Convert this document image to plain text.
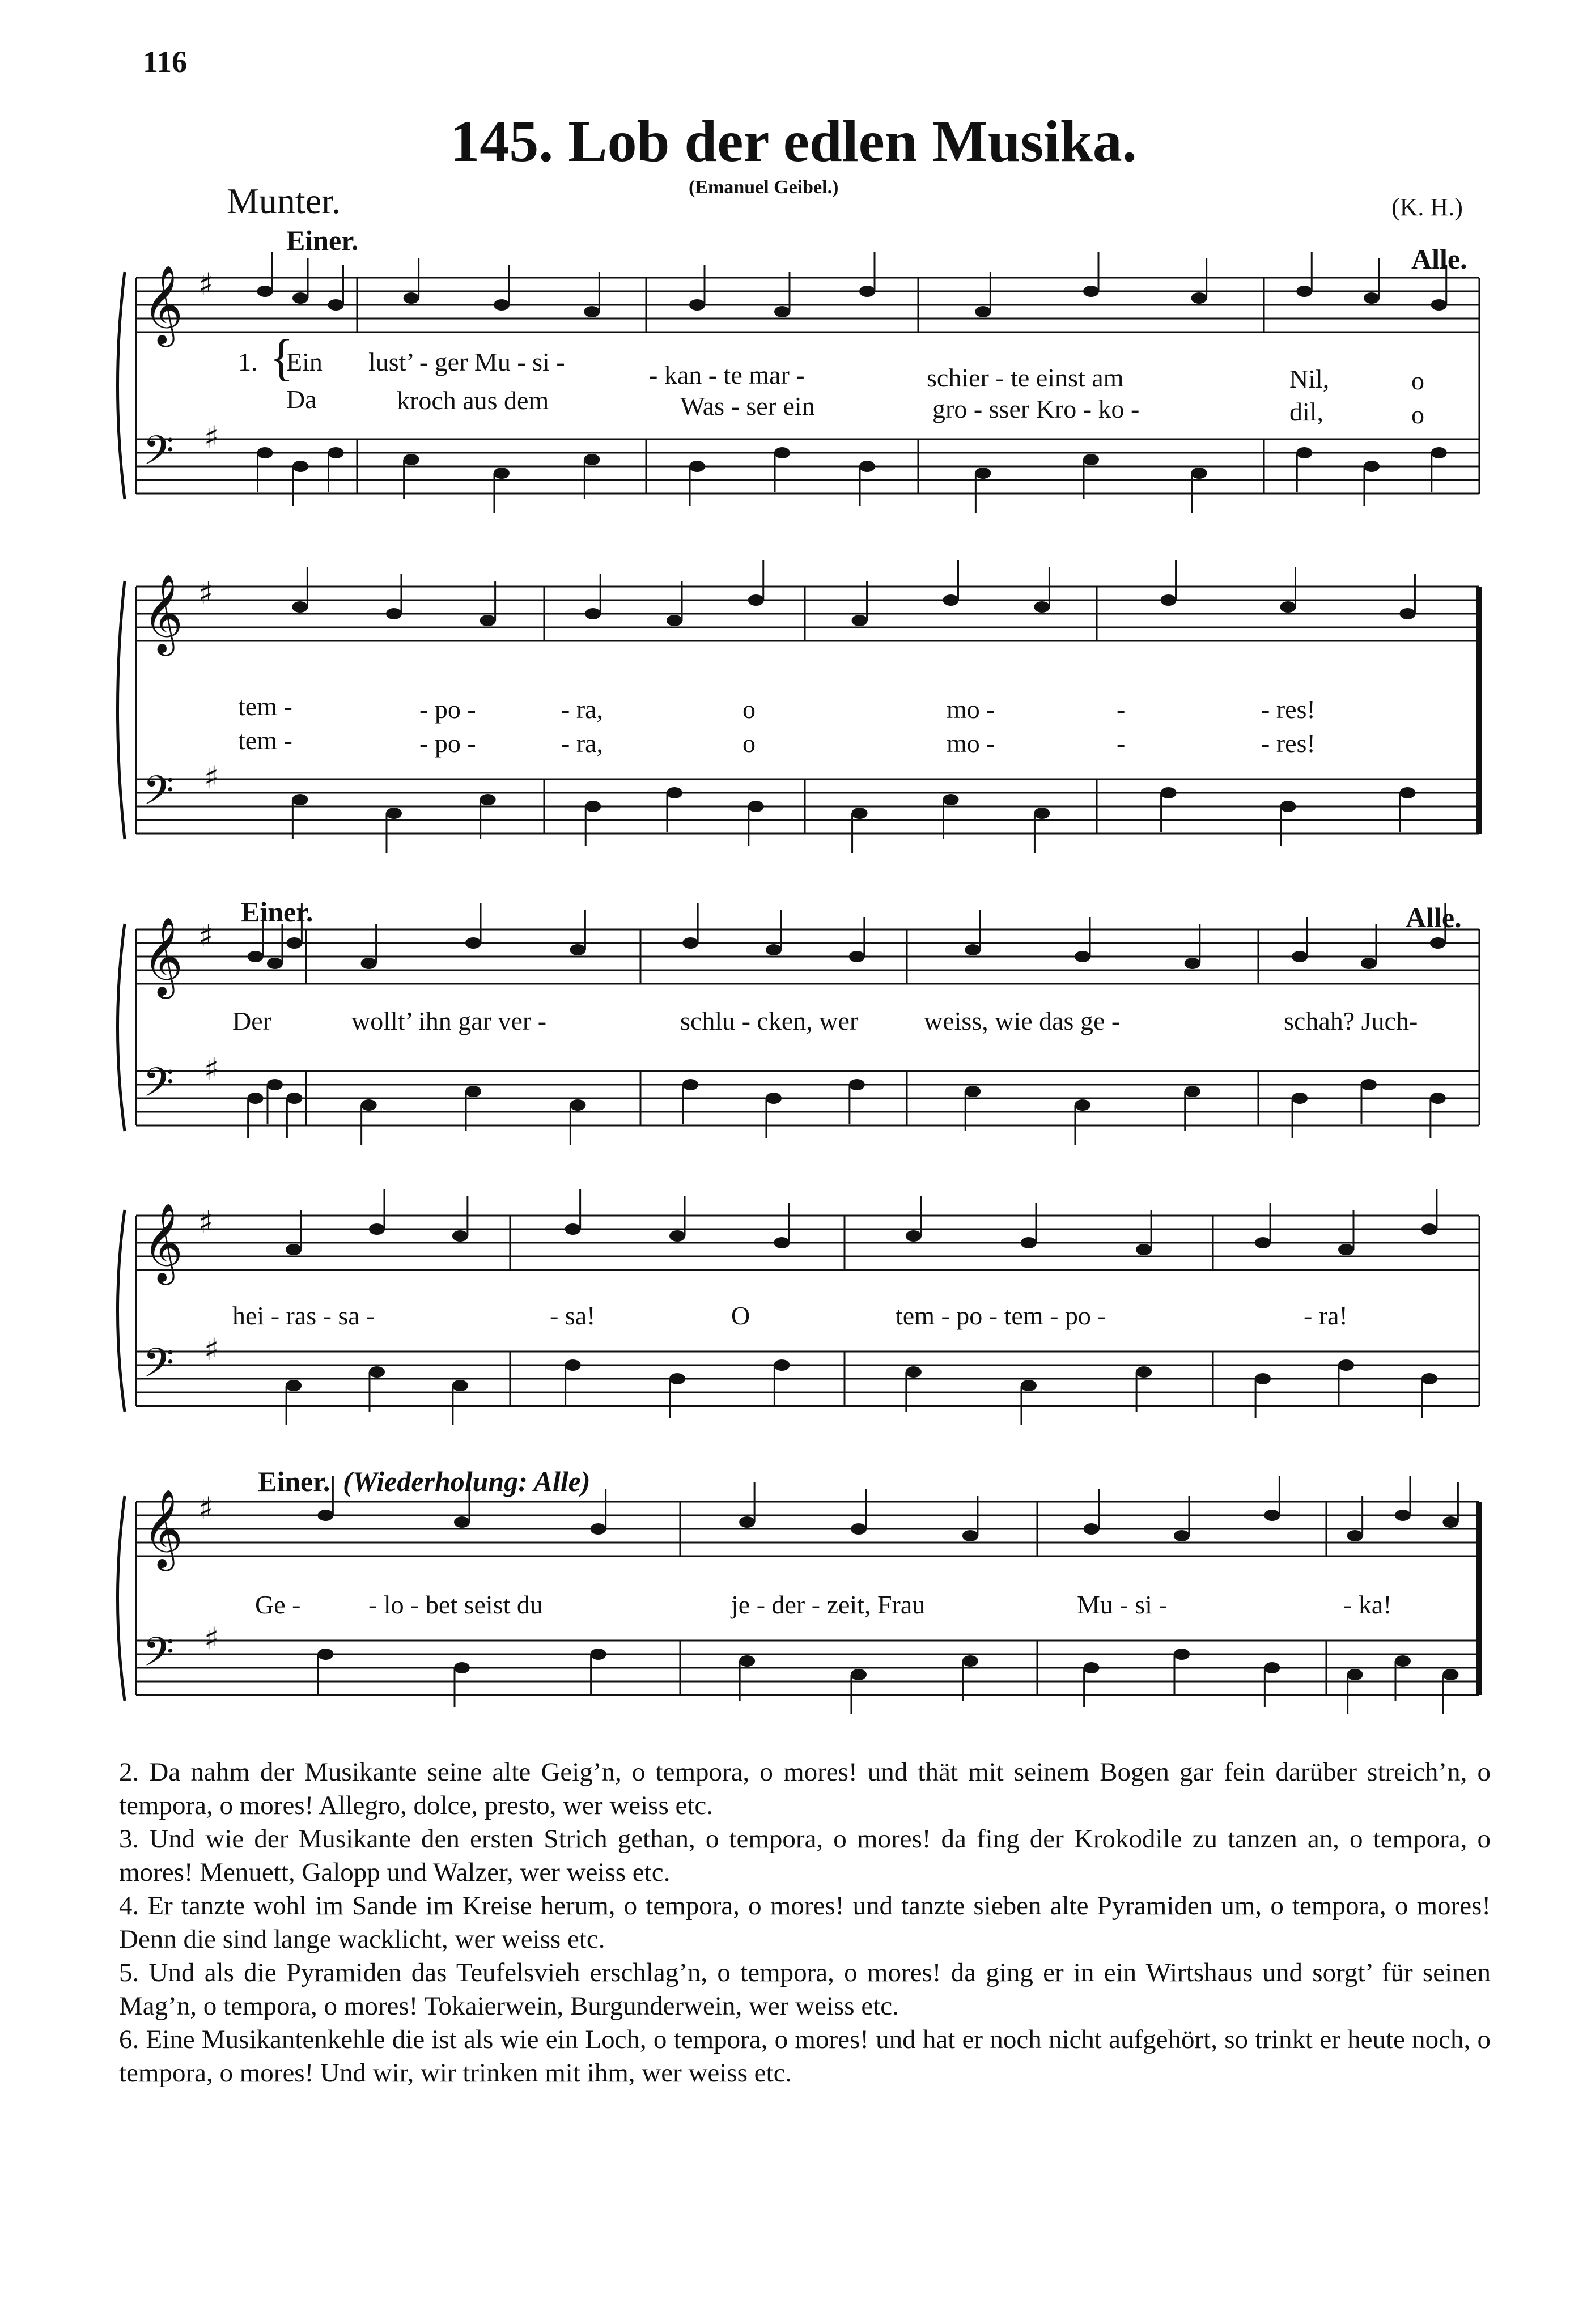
116
145. Lob der edlen Musika.
(Emanuel Geibel.)
Munter.	(K. H.)
𝄞 ♯
𝄢 ♯
𝄞 ♯
𝄢 ♯
𝄞 ♯
𝄢 ♯
𝄞 ♯
𝄢 ♯
𝄞 ♯
𝄢 ♯
Einer.
Alle.
1. {
Ein lust’ - ger Mu - si -	- kan - te mar -	schier - te einst am	Nil,	o
Da	kroch aus dem	Was - ser ein	gro - sser Kro - ko -	dil,	o
tem -	- po -	- ra,	o	mo -	-	- res!
tem -	- po -	- ra,	o	mo -	-	- res!
Einer.	Alle.
Der	wollt’ ihn gar ver -	schlu - cken, wer	weiss, wie das ge -	schah? Juch-
hei - ras - sa -	- sa!	O	tem - po - tem - po -	- ra!
Einer. (Wiederholung: Alle)
Ge -	- lo - bet seist du	je - der - zeit, Frau	Mu - si -	- ka!

2. Da nahm der Musikante seine alte Geig’n, o tempora, o mores! und thät mit seinem Bogen gar fein darüber streich’n, o tempora, o mores! Allegro, dolce, presto, wer weiss etc.

3. Und wie der Musikante den ersten Strich gethan, o tempora, o mores! da fing der Krokodile zu tanzen an, o tempora, o mores! Menuett, Galopp und Walzer, wer weiss etc.

4. Er tanzte wohl im Sande im Kreise herum, o tempora, o mores! und tanzte sieben alte Pyramiden um, o tempora, o mores! Denn die sind lange wacklicht, wer weiss etc.

5. Und als die Pyramiden das Teufelsvieh erschlag’n, o tempora, o mores! da ging er in ein Wirtshaus und sorgt’ für seinen Mag’n, o tempora, o mores! Tokaierwein, Burgunderwein, wer weiss etc.

6. Eine Musikantenkehle die ist als wie ein Loch, o tempora, o mores! und hat er noch nicht aufgehört, so trinkt er heute noch, o tempora, o mores! Und wir, wir trinken mit ihm, wer weiss etc.
